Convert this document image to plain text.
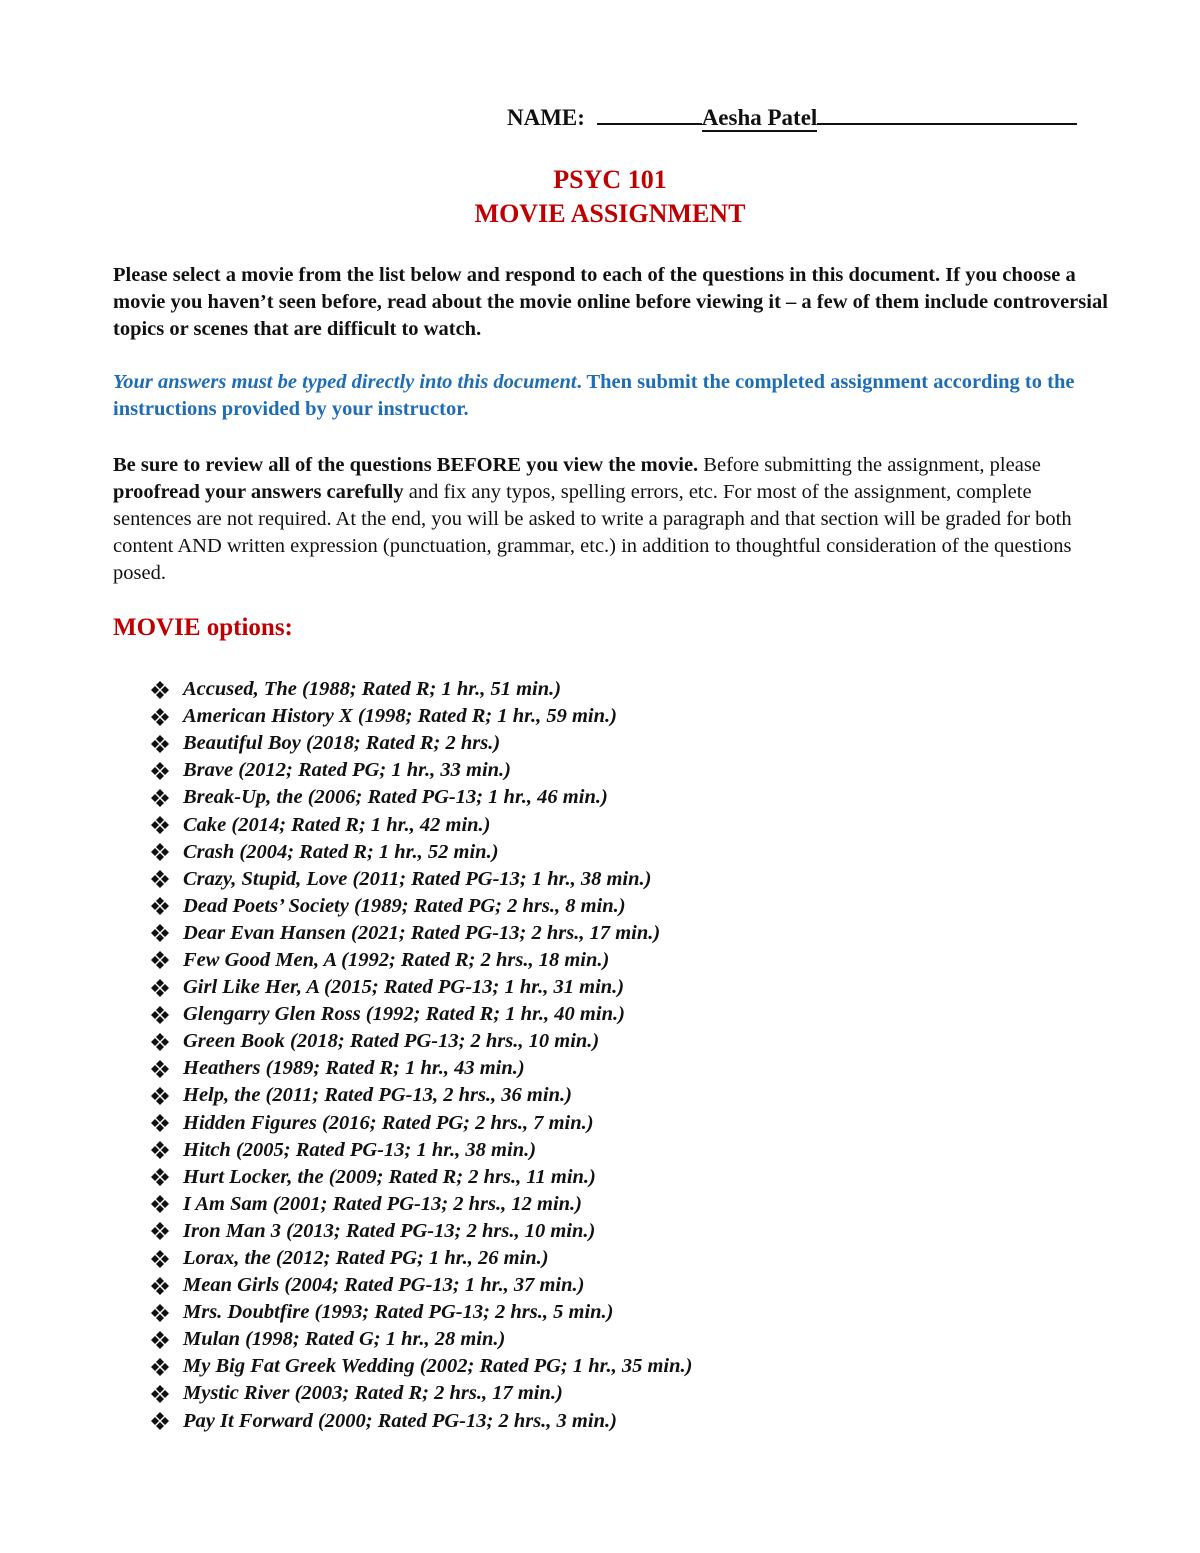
NAME:	Aesha Patel
PSYC 101
MOVIE ASSIGNMENT

Please select a movie from the list below and respond to each of the questions in this document. If you choose a movie you haven’t seen before, read about the movie online before viewing it – a few of them include controversial topics or scenes that are difficult to watch.

Your answers must be typed directly into this document. Then submit the completed assignment according to the instructions provided by your instructor.

Be sure to review all of the questions BEFORE you view the movie. Before submitting the assignment, please proofread your answers carefully and fix any typos, spelling errors, etc. For most of the assignment, complete sentences are not required. At the end, you will be asked to write a paragraph and that section will be graded for both content AND written expression (punctuation, grammar, etc.) in addition to thoughtful consideration of the questions posed.

MOVIE options:
Accused, The (1988; Rated R; 1 hr., 51 min.)
American History X (1998; Rated R; 1 hr., 59 min.)
Beautiful Boy (2018; Rated R; 2 hrs.)
Brave (2012; Rated PG; 1 hr., 33 min.)
Break-Up, the (2006; Rated PG-13; 1 hr., 46 min.)
Cake (2014; Rated R; 1 hr., 42 min.)
Crash (2004; Rated R; 1 hr., 52 min.)
Crazy, Stupid, Love (2011; Rated PG-13; 1 hr., 38 min.)
Dead Poets’ Society (1989; Rated PG; 2 hrs., 8 min.)
Dear Evan Hansen (2021; Rated PG-13; 2 hrs., 17 min.)
Few Good Men, A (1992; Rated R; 2 hrs., 18 min.)
Girl Like Her, A (2015; Rated PG-13; 1 hr., 31 min.)
Glengarry Glen Ross (1992; Rated R; 1 hr., 40 min.)
Green Book (2018; Rated PG-13; 2 hrs., 10 min.)
Heathers (1989; Rated R; 1 hr., 43 min.)
Help, the (2011; Rated PG-13, 2 hrs., 36 min.)
Hidden Figures (2016; Rated PG; 2 hrs., 7 min.)
Hitch (2005; Rated PG-13; 1 hr., 38 min.)
Hurt Locker, the (2009; Rated R; 2 hrs., 11 min.)
I Am Sam (2001; Rated PG-13; 2 hrs., 12 min.)
Iron Man 3 (2013; Rated PG-13; 2 hrs., 10 min.)
Lorax, the (2012; Rated PG; 1 hr., 26 min.)
Mean Girls (2004; Rated PG-13; 1 hr., 37 min.)
Mrs. Doubtfire (1993; Rated PG-13; 2 hrs., 5 min.)
Mulan (1998; Rated G; 1 hr., 28 min.)
My Big Fat Greek Wedding (2002; Rated PG; 1 hr., 35 min.)
Mystic River (2003; Rated R; 2 hrs., 17 min.)
Pay It Forward (2000; Rated PG-13; 2 hrs., 3 min.)
